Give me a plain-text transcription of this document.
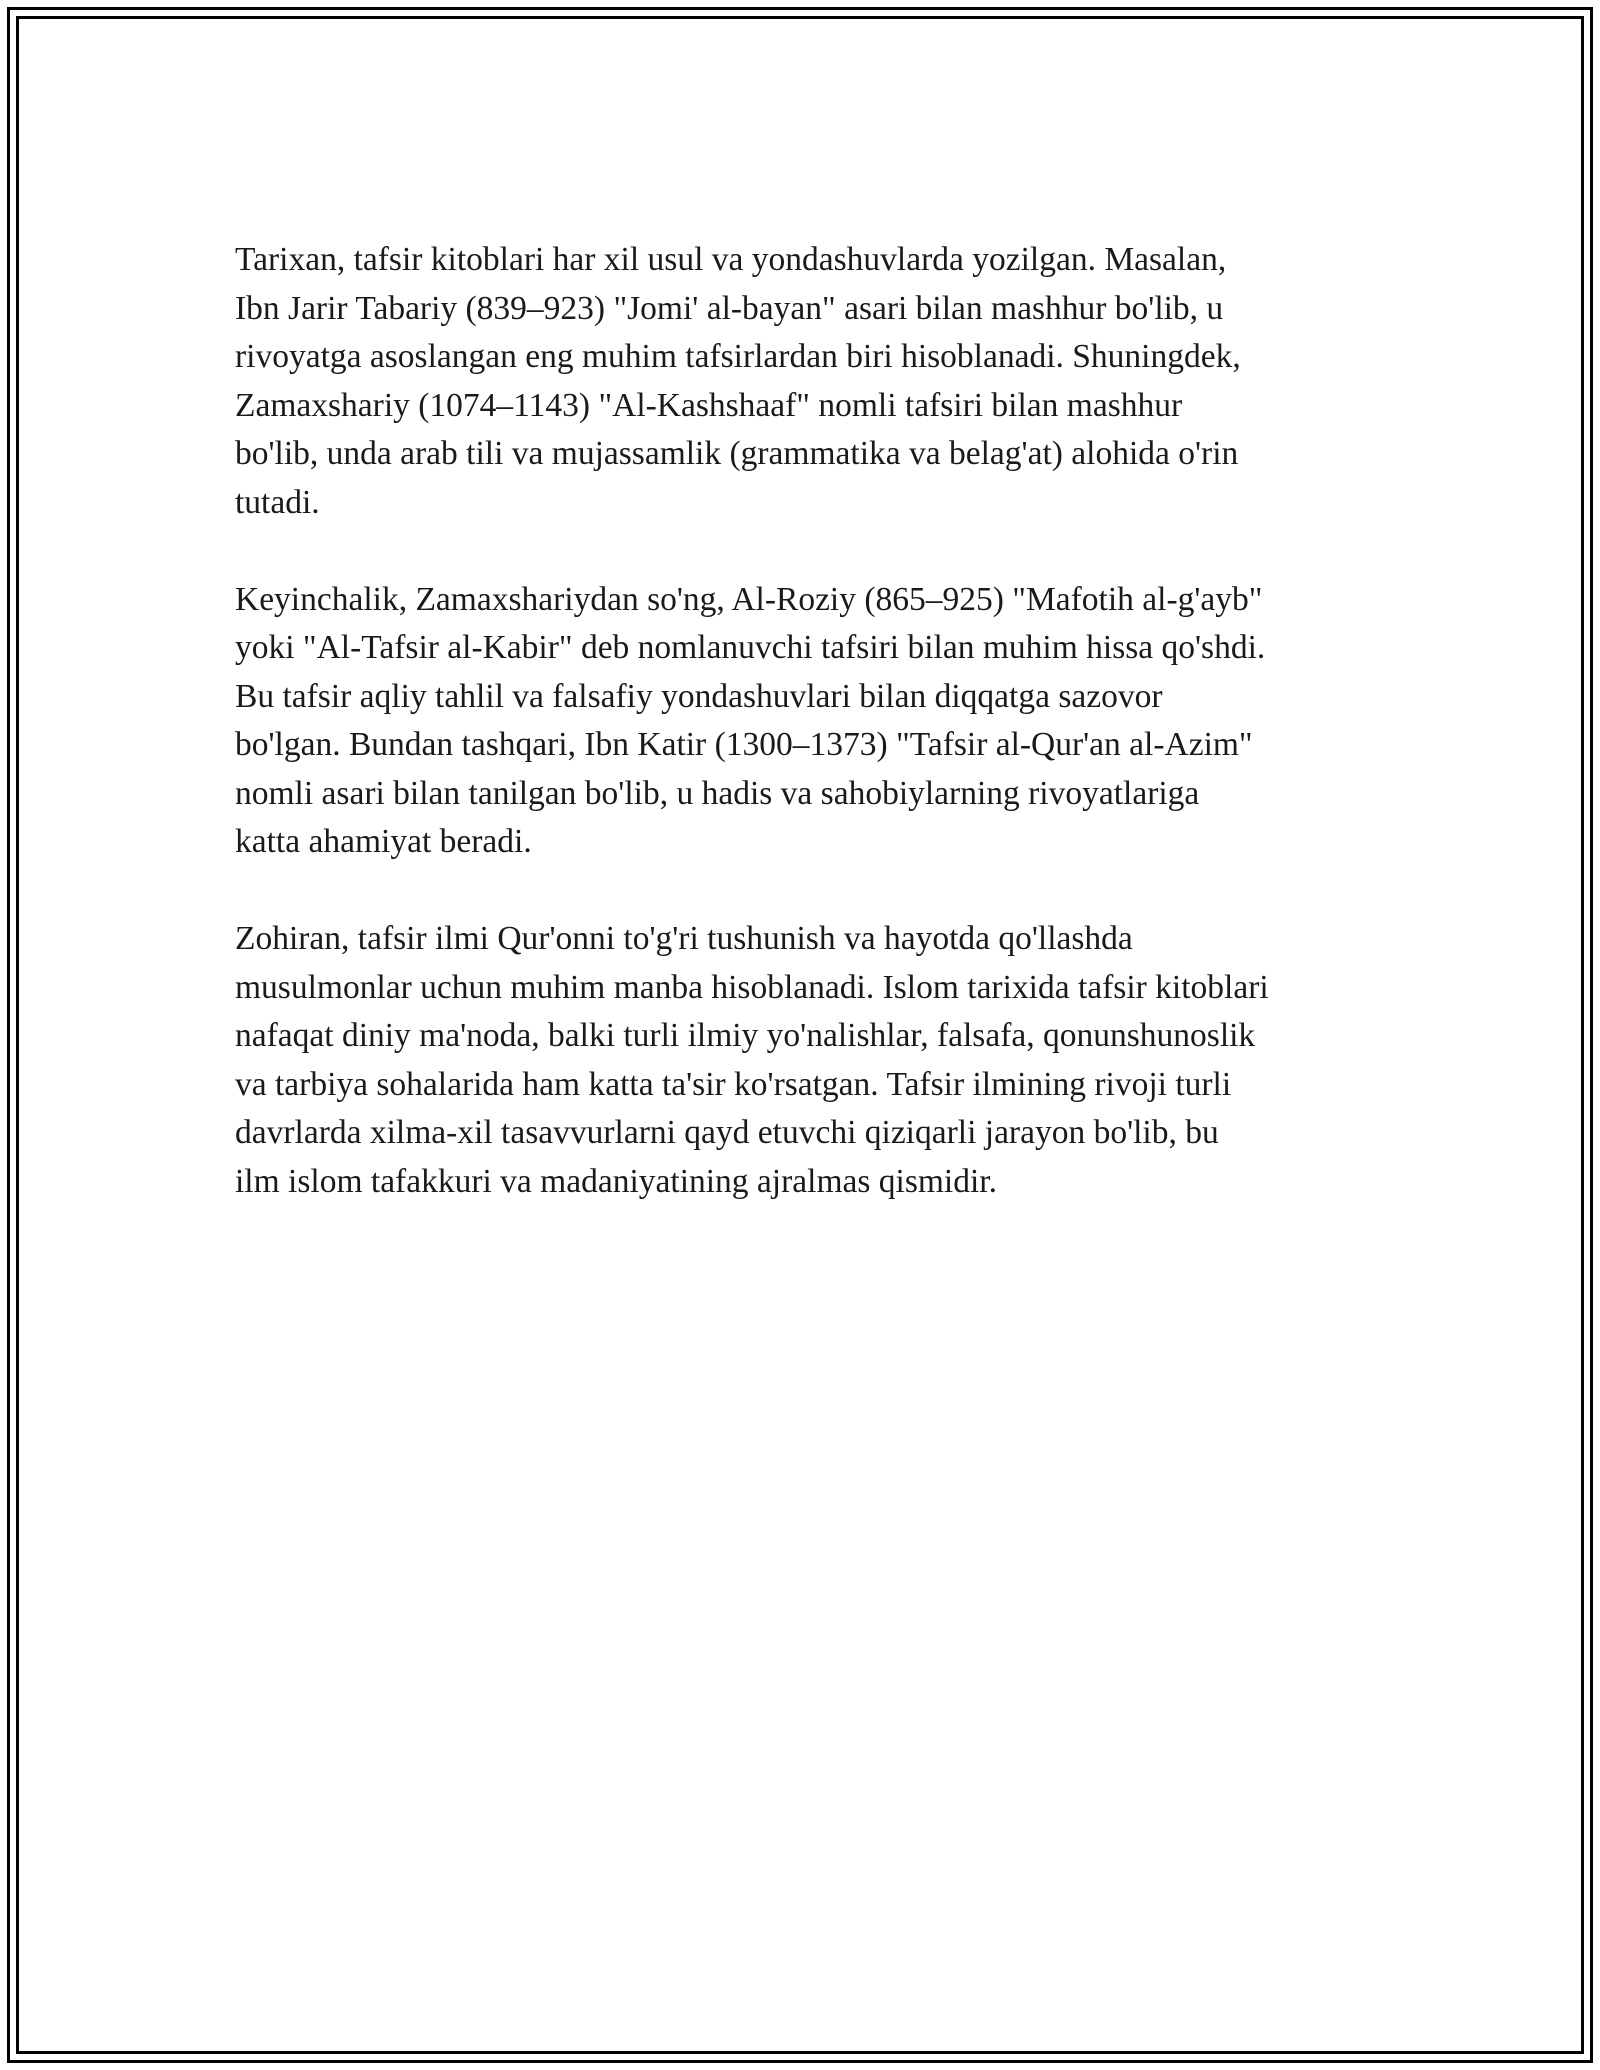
Tarixan, tafsir kitoblari har xil usul va yondashuvlarda yozilgan. Masalan,
Ibn Jarir Tabariy (839–923) "Jomi' al-bayan" asari bilan mashhur bo'lib, u
rivoyatga asoslangan eng muhim tafsirlardan biri hisoblanadi. Shuningdek,
Zamaxshariy (1074–1143) "Al-Kashshaaf" nomli tafsiri bilan mashhur
bo'lib, unda arab tili va mujassamlik (grammatika va belag'at) alohida o'rin
tutadi.
Keyinchalik, Zamaxshariydan so'ng, Al-Roziy (865–925) "Mafotih al-g'ayb"
yoki "Al-Tafsir al-Kabir" deb nomlanuvchi tafsiri bilan muhim hissa qo'shdi.
Bu tafsir aqliy tahlil va falsafiy yondashuvlari bilan diqqatga sazovor
bo'lgan. Bundan tashqari, Ibn Katir (1300–1373) "Tafsir al-Qur'an al-Azim"
nomli asari bilan tanilgan bo'lib, u hadis va sahobiylarning rivoyatlariga
katta ahamiyat beradi.
Zohiran, tafsir ilmi Qur'onni to'g'ri tushunish va hayotda qo'llashda
musulmonlar uchun muhim manba hisoblanadi. Islom tarixida tafsir kitoblari
nafaqat diniy ma'noda, balki turli ilmiy yo'nalishlar, falsafa, qonunshunoslik
va tarbiya sohalarida ham katta ta'sir ko'rsatgan. Tafsir ilmining rivoji turli
davrlarda xilma-xil tasavvurlarni qayd etuvchi qiziqarli jarayon bo'lib, bu
ilm islom tafakkuri va madaniyatining ajralmas qismidir.
